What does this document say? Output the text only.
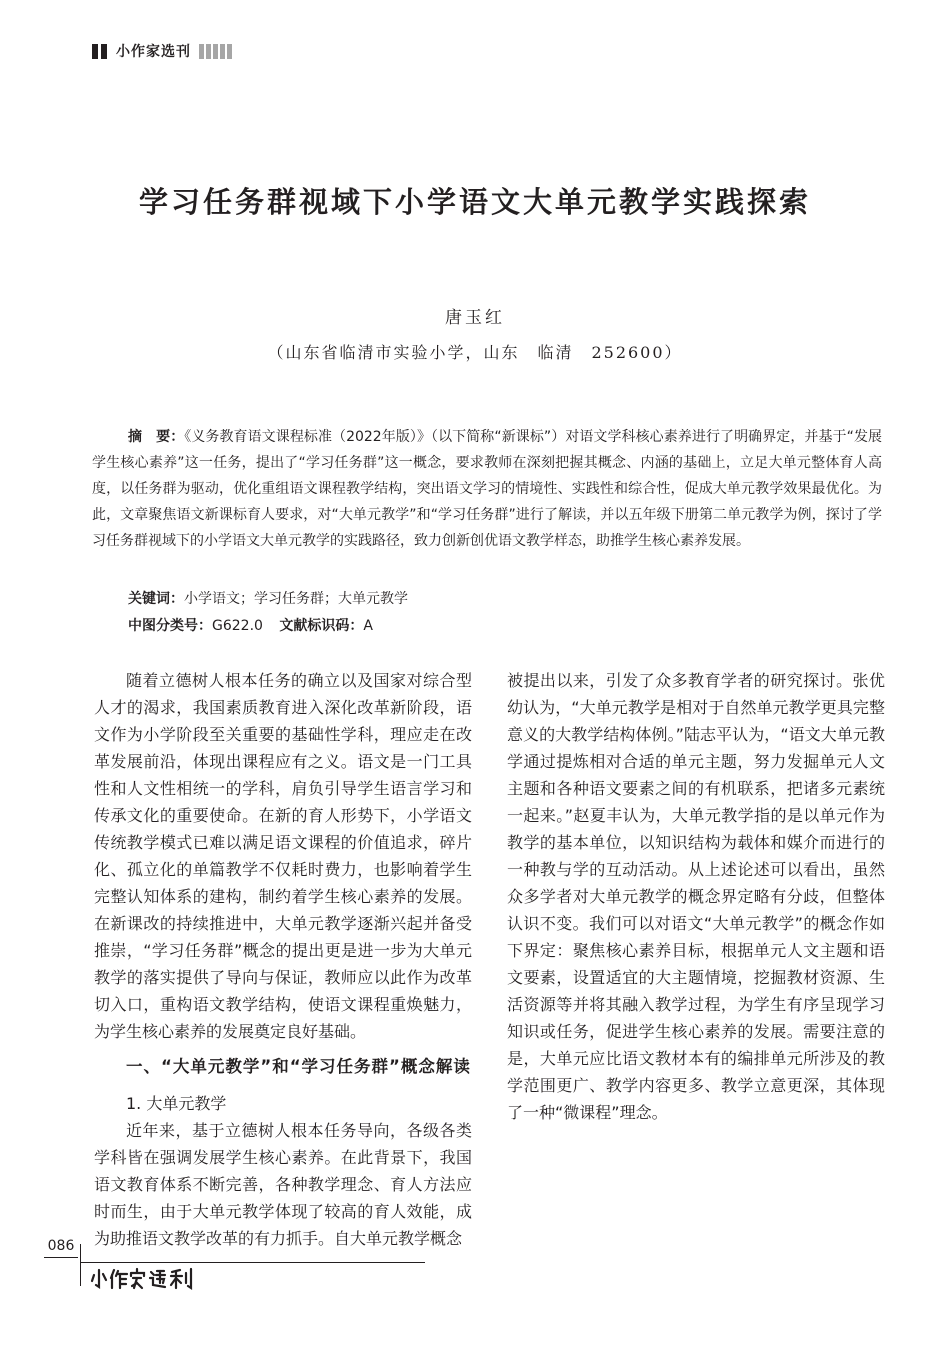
小作家选刊
学习任务群视域下小学语文大单元教学实践探索
唐玉红
（山东省临清市实验小学，山东　临清　252600）

摘　要：《义务教育语文课程标准（2022年版）》（以下简称“新课标”）对语文学科核心素养进行了明确界定，并基于“发展学生核心素养”这一任务，提出了“学习任务群”这一概念，要求教师在深刻把握其概念、内涵的基础上，立足大单元整体育人高度，以任务群为驱动，优化重组语文课程教学结构，突出语文学习的情境性、实践性和综合性，促成大单元教学效果最优化。为此，文章聚焦语文新课标育人要求，对“大单元教学”和“学习任务群”进行了解读，并以五年级下册第二单元教学为例，探讨了学习任务群视域下的小学语文大单元教学的实践路径，致力创新创优语文教学样态，助推学生核心素养发展。

关键词：小学语文；学习任务群；大单元教学
中图分类号：G622.0 文献标识码：A

随着立德树人根本任务的确立以及国家对综合型人才的渴求，我国素质教育进入深化改革新阶段，语文作为小学阶段至关重要的基础性学科，理应走在改革发展前沿，体现出课程应有之义。语文是一门工具性和人文性相统一的学科，肩负引导学生语言学习和传承文化的重要使命。在新的育人形势下，小学语文传统教学模式已难以满足语文课程的价值追求，碎片化、孤立化的单篇教学不仅耗时费力，也影响着学生完整认知体系的建构，制约着学生核心素养的发展。在新课改的持续推进中，大单元教学逐渐兴起并备受推崇，“学习任务群”概念的提出更是进一步为大单元教学的落实提供了导向与保证，教师应以此作为改革切入口，重构语文教学结构，使语文课程重焕魅力，为学生核心素养的发展奠定良好基础。

一、“大单元教学”和“学习任务群”概念解读

1. 大单元教学

近年来，基于立德树人根本任务导向，各级各类学科皆在强调发展学生核心素养。在此背景下，我国语文教育体系不断完善，各种教学理念、育人方法应时而生，由于大单元教学体现了较高的育人效能，成为助推语文教学改革的有力抓手。自大单元教学概念

被提出以来，引发了众多教育学者的研究探讨。张优幼认为，“大单元教学是相对于自然单元教学更具完整意义的大教学结构体例。”陆志平认为，“语文大单元教学通过提炼相对合适的单元主题，努力发掘单元人文主题和各种语文要素之间的有机联系，把诸多元素统一起来。”赵夏丰认为，大单元教学指的是以单元作为教学的基本单位，以知识结构为载体和媒介而进行的一种教与学的互动活动。从上述论述可以看出，虽然众多学者对大单元教学的概念界定略有分歧，但整体认识不变。我们可以对语文“大单元教学”的概念作如下界定：聚焦核心素养目标，根据单元人文主题和语文要素，设置适宜的大主题情境，挖掘教材资源、生活资源等并将其融入教学过程，为学生有序呈现学习知识或任务，促进学生核心素养的发展。需要注意的是，大单元应比语文教材本有的编排单元所涉及的教学范围更广、教学内容更多、教学立意更深，其体现了一种“微课程”理念。

086
